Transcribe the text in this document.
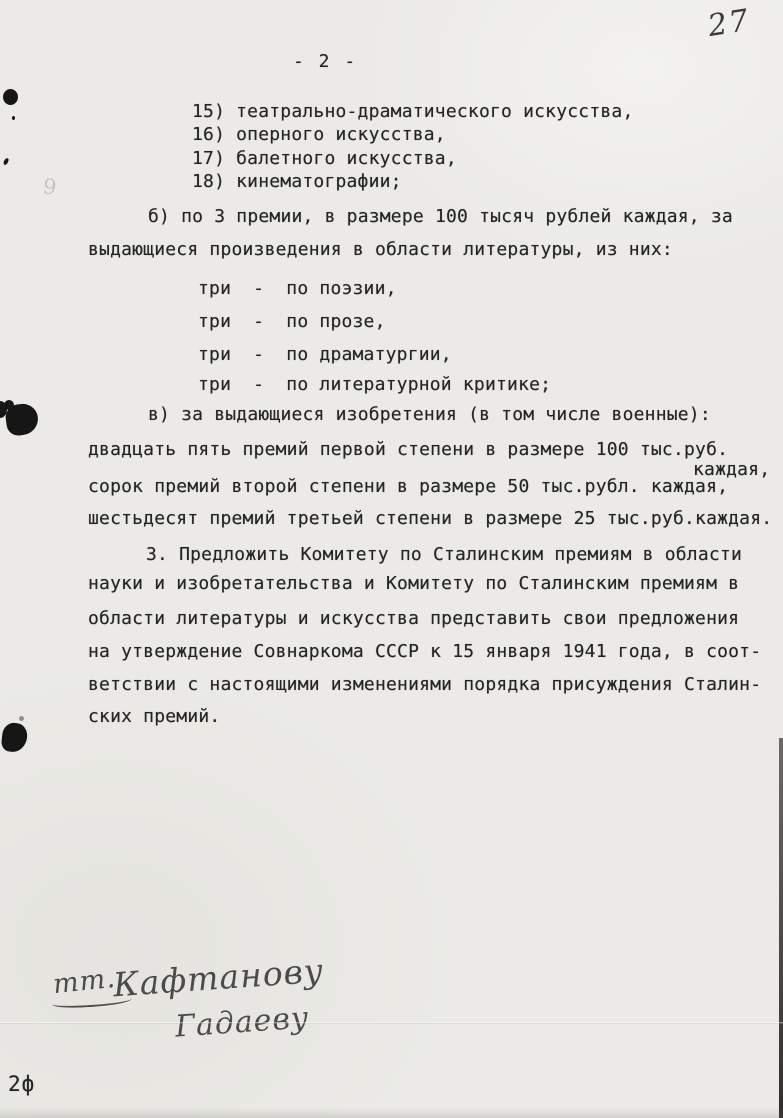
27
- 2 -
15) театрально-драматического искусства,
16) оперного искусства,
17) балетного искусства,
18) кинематографии;
б) по 3 премии, в размере 100 тысяч рублей каждая, за
выдающиеся произведения в области литературы, из них:
три  -  по поэзии,
три  -  по прозе,
три  -  по драматургии,
три  -  по литературной критике;
в) за выдающиеся изобретения (в том числе военные):
двадцать пять премий первой степени в размере 100 тыс.руб.
каждая,
сорок премий второй степени в размере 50 тыс.рубл. каждая,
шестьдесят премий третьей степени в размере 25 тыс.руб.каждая.
3. Предложить Комитету по Сталинским премиям в области
науки и изобретательства и Комитету по Сталинским премиям в
области литературы и искусства представить свои предложения
на утверждение Совнаркома СССР к 15 января 1941 года, в соот-
ветствии с настоящими изменениями порядка присуждения Сталин-
ских премий.
тт.
Кафтанову
Гадаеву
2ф
9
